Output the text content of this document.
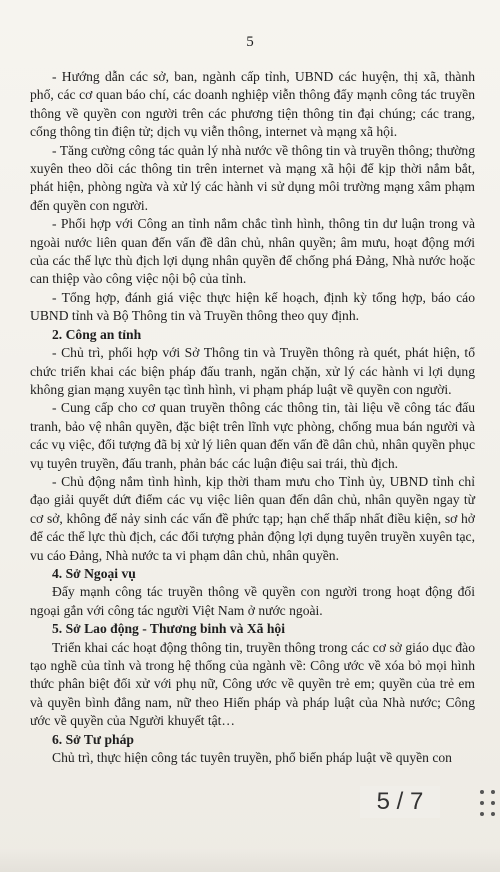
5

- Hướng dẫn các sở, ban, ngành cấp tỉnh, UBND các huyện, thị xã, thành phố, các cơ quan báo chí, các doanh nghiệp viễn thông đẩy mạnh công tác truyền thông về quyền con người trên các phương tiện thông tin đại chúng; các trang, cổng thông tin điện tử; dịch vụ viễn thông, internet và mạng xã hội.

- Tăng cường công tác quản lý nhà nước về thông tin và truyền thông; thường xuyên theo dõi các thông tin trên internet và mạng xã hội để kịp thời nắm bắt, phát hiện, phòng ngừa và xử lý các hành vi sử dụng môi trường mạng xâm phạm đến quyền con người.

- Phối hợp với Công an tỉnh nắm chắc tình hình, thông tin dư luận trong và ngoài nước liên quan đến vấn đề dân chủ, nhân quyền; âm mưu, hoạt động mới của các thế lực thù địch lợi dụng nhân quyền để chống phá Đảng, Nhà nước hoặc can thiệp vào công việc nội bộ của tỉnh.

- Tổng hợp, đánh giá việc thực hiện kế hoạch, định kỳ tổng hợp, báo cáo UBND tỉnh và Bộ Thông tin và Truyền thông theo quy định.

2. Công an tỉnh

- Chủ trì, phối hợp với Sở Thông tin và Truyền thông rà quét, phát hiện, tổ chức triển khai các biện pháp đấu tranh, ngăn chặn, xử lý các hành vi lợi dụng không gian mạng xuyên tạc tình hình, vi phạm pháp luật về quyền con người.

- Cung cấp cho cơ quan truyền thông các thông tin, tài liệu về công tác đấu tranh, bảo vệ nhân quyền, đặc biệt trên lĩnh vực phòng, chống mua bán người và các vụ việc, đối tượng đã bị xử lý liên quan đến vấn đề dân chủ, nhân quyền phục vụ tuyên truyền, đấu tranh, phản bác các luận điệu sai trái, thù địch.

- Chủ động nắm tình hình, kịp thời tham mưu cho Tỉnh ủy, UBND tỉnh chỉ đạo giải quyết dứt điểm các vụ việc liên quan đến dân chủ, nhân quyền ngay từ cơ sở, không để nảy sinh các vấn đề phức tạp; hạn chế thấp nhất điều kiện, sơ hở để các thế lực thù địch, các đối tượng phản động lợi dụng tuyên truyền xuyên tạc, vu cáo Đảng, Nhà nước ta vi phạm dân chủ, nhân quyền.

4. Sở Ngoại vụ

Đẩy mạnh công tác truyền thông về quyền con người trong hoạt động đối ngoại gắn với công tác người Việt Nam ở nước ngoài.

5. Sở Lao động - Thương binh và Xã hội

Triển khai các hoạt động thông tin, truyền thông trong các cơ sở giáo dục đào tạo nghề của tỉnh và trong hệ thống của ngành về: Công ước về xóa bỏ mọi hình thức phân biệt đối xử với phụ nữ, Công ước về quyền trẻ em; quyền của trẻ em và quyền bình đẳng nam, nữ theo Hiến pháp và pháp luật của Nhà nước; Công ước về quyền của Người khuyết tật…

6. Sở Tư pháp

Chủ trì, thực hiện công tác tuyên truyền, phổ biến pháp luật về quyền con

5 / 7
